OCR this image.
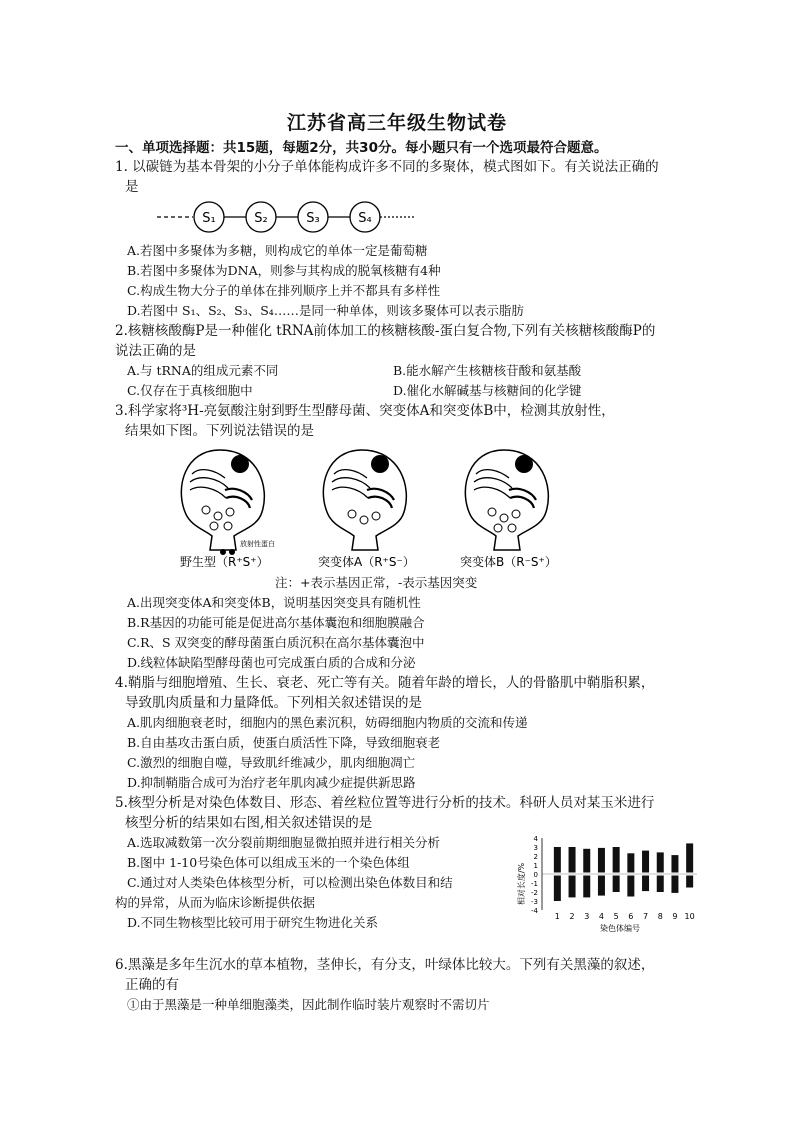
江苏省高三年级生物试卷
一、单项选择题：共15题，每题2分，共30分。每小题只有一个选项最符合题意。
1. 以碳链为基本骨架的小分子单体能构成许多不同的多聚体，模式图如下。有关说法正确的
是
S₁	S₂	S₃	S₄
A.若图中多聚体为多糖，则构成它的单体一定是葡萄糖
B.若图中多聚体为DNA，则参与其构成的脱氧核糖有4种
C.构成生物大分子的单体在排列顺序上并不都具有多样性
D.若图中 S₁、S₂、S₃、S₄……是同一种单体，则该多聚体可以表示脂肪
2.核糖核酸酶P是一种催化 tRNA前体加工的核糖核酸-蛋白复合物,下列有关核糖核酸酶P的
说法正确的是
A.与 tRNA的组成元素不同	B.能水解产生核糖核苷酸和氨基酸
C.仅存在于真核细胞中	D.催化水解碱基与核糖间的化学键
3.科学家将³H-亮氨酸注射到野生型酵母菌、突变体A和突变体B中，检测其放射性，
结果如下图。下列说法错误的是
放射性蛋白
野生型（R⁺S⁺）	突变体A（R⁺S⁻）	突变体B（R⁻S⁺）
注：+表示基因正常，-表示基因突变
A.出现突变体A和突变体B，说明基因突变具有随机性
B.R基因的功能可能是促进高尔基体囊泡和细胞膜融合
C.R、S 双突变的酵母菌蛋白质沉积在高尔基体囊泡中
D.线粒体缺陷型酵母菌也可完成蛋白质的合成和分泌
4.鞘脂与细胞增殖、生长、衰老、死亡等有关。随着年龄的增长，人的骨骼肌中鞘脂积累，
导致肌肉质量和力量降低。下列相关叙述错误的是
A.肌肉细胞衰老时，细胞内的黑色素沉积，妨碍细胞内物质的交流和传递
B.自由基攻击蛋白质，使蛋白质活性下降，导致细胞衰老
C.激烈的细胞自噬，导致肌纤维减少，肌肉细胞凋亡
D.抑制鞘脂合成可为治疗老年肌肉减少症提供新思路
5.核型分析是对染色体数目、形态、着丝粒位置等进行分析的技术。科研人员对某玉米进行
核型分析的结果如右图,相关叙述错误的是
A.选取减数第一次分裂前期细胞显微拍照并进行相关分析
B.图中 1-10号染色体可以组成玉米的一个染色体组
C.通过对人类染色体核型分析，可以检测出染色体数目和结
构的异常，从而为临床诊断提供依据
D.不同生物核型比较可用于研究生物进化关系
相对长度/%
4
3
2
1
0
-1
-2
-3
-4
1 2 3 4 5 6 7 8 9 10
染色体编号
6.黑藻是多年生沉水的草本植物，茎伸长，有分支，叶绿体比较大。下列有关黑藻的叙述，
正确的有
①由于黑藻是一种单细胞藻类，因此制作临时装片观察时不需切片
